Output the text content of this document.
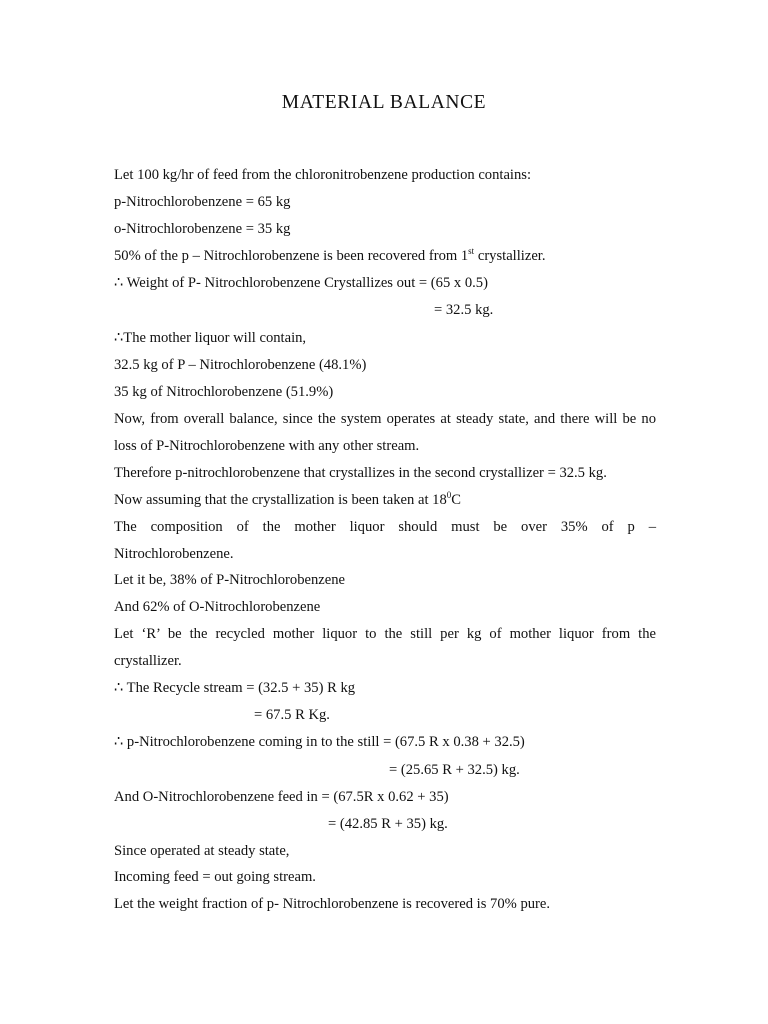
MATERIAL BALANCE
Let 100 kg/hr of feed from the chloronitrobenzene production contains:
p-Nitrochlorobenzene = 65 kg
o-Nitrochlorobenzene = 35 kg
50% of the p – Nitrochlorobenzene is been recovered from 1st crystallizer.
∴ Weight of P- Nitrochlorobenzene Crystallizes out = (65 x 0.5)
= 32.5 kg.
∴The mother liquor will contain,
32.5 kg of P – Nitrochlorobenzene (48.1%)
35 kg of Nitrochlorobenzene (51.9%)
Now, from overall balance, since the system operates at steady state, and there will be no
loss of P-Nitrochlorobenzene with any other stream.
Therefore p-nitrochlorobenzene that crystallizes in the second crystallizer = 32.5 kg.
Now assuming that the crystallization is been taken at $18^0C$
The composition of the mother liquor should must be over 35% of p –
Nitrochlorobenzene.
Let it be, 38% of P-Nitrochlorobenzene
And 62% of O-Nitrochlorobenzene
Let ‘R’ be the recycled mother liquor to the still per kg of mother liquor from the
crystallizer.
∴ The Recycle stream = (32.5 + 35) R kg
= 67.5 R Kg.
∴ p-Nitrochlorobenzene coming in to the still = (67.5 R x 0.38 + 32.5)
= (25.65 R + 32.5) kg.
And O-Nitrochlorobenzene feed in = (67.5R x 0.62 + 35)
= (42.85 R + 35) kg.
Since operated at steady state,
Incoming feed = out going stream.
Let the weight fraction of p- Nitrochlorobenzene is recovered is 70% pure.
